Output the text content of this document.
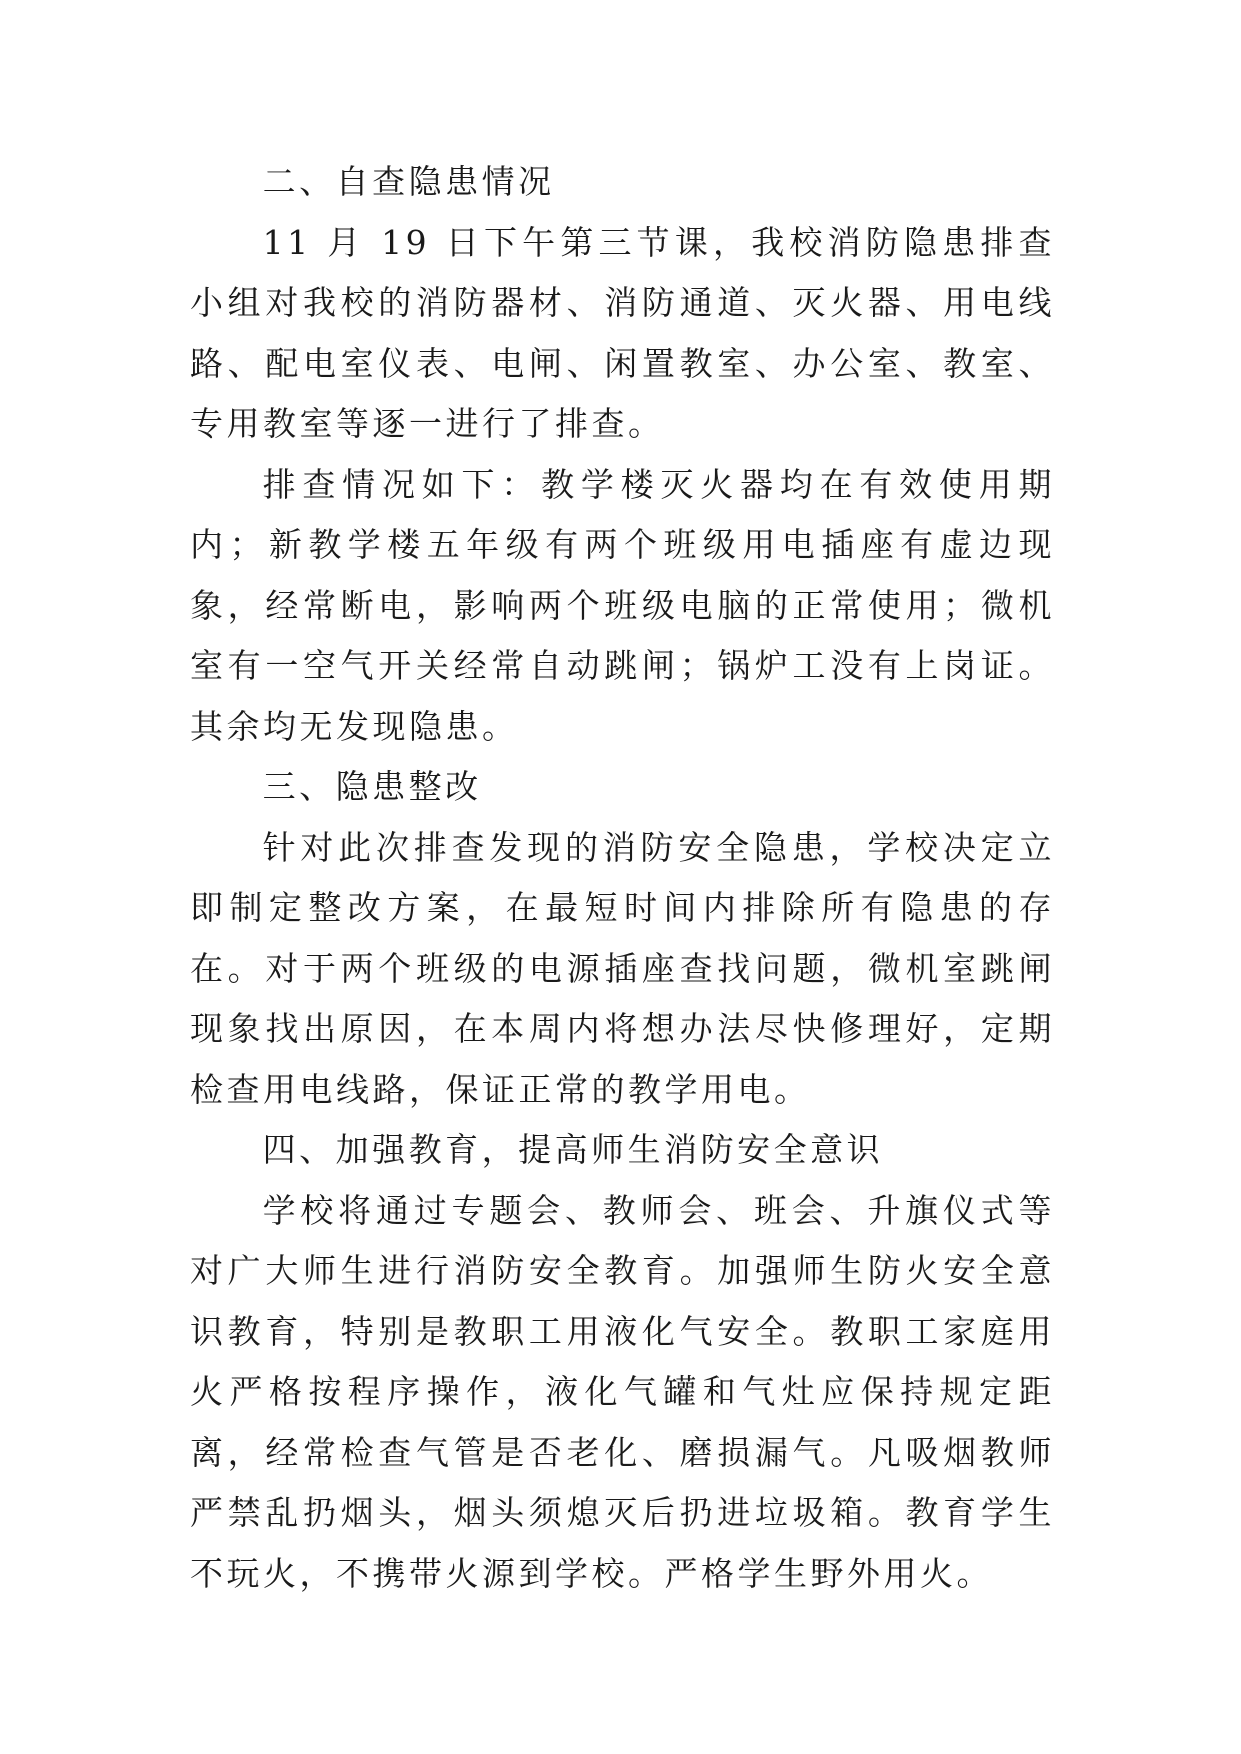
二、自查隐患情况

11 月 19 日下午第三节课，我校消防隐患排查小组对我校的消防器材、消防通道、灭火器、用电线路、配电室仪表、电闸、闲置教室、办公室、教室、专用教室等逐一进行了排查。

排查情况如下：教学楼灭火器均在有效使用期内；新教学楼五年级有两个班级用电插座有虚边现象，经常断电，影响两个班级电脑的正常使用；微机室有一空气开关经常自动跳闸；锅炉工没有上岗证。其余均无发现隐患。

三、隐患整改

针对此次排查发现的消防安全隐患，学校决定立即制定整改方案，在最短时间内排除所有隐患的存在。对于两个班级的电源插座查找问题，微机室跳闸现象找出原因，在本周内将想办法尽快修理好，定期检查用电线路，保证正常的教学用电。

四、加强教育，提高师生消防安全意识

学校将通过专题会、教师会、班会、升旗仪式等对广大师生进行消防安全教育。加强师生防火安全意识教育，特别是教职工用液化气安全。教职工家庭用火严格按程序操作，液化气罐和气灶应保持规定距离，经常检查气管是否老化、磨损漏气。凡吸烟教师严禁乱扔烟头，烟头须熄灭后扔进垃圾箱。教育学生不玩火，不携带火源到学校。严格学生野外用火。
